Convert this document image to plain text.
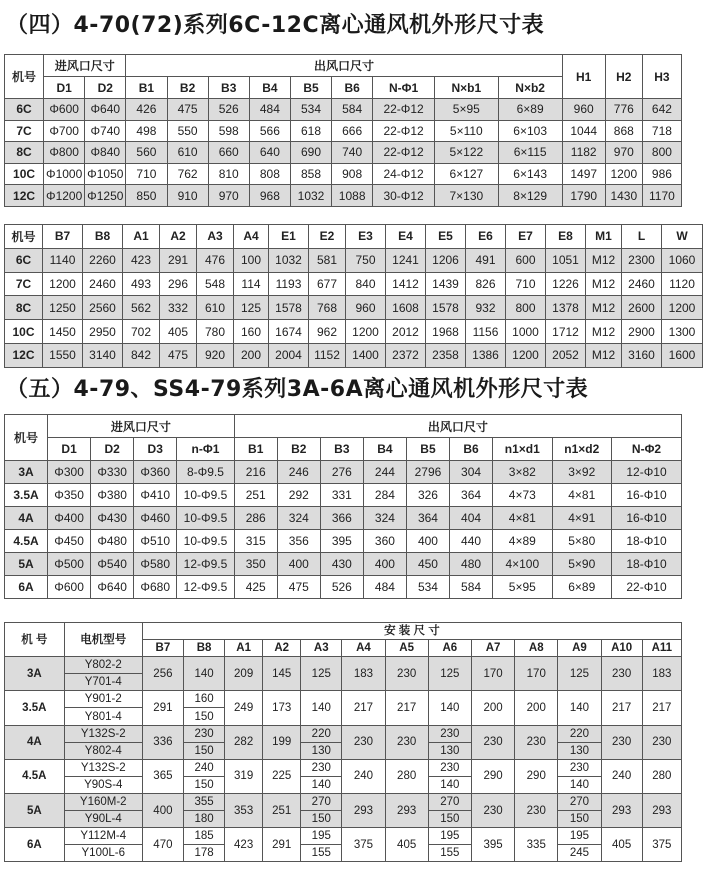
（四）4-70(72)系列6C-12C离心通风机外形尺寸表
机号	进风口尺寸		出风口尺寸									H1	H2	H3
	D1	D2	B1	B2	B3	B4	B5	B6	N-Φ1	N×b1	N×b2			
6C	Φ600	Φ640	426	475	526	484	534	584	22-Φ12	5×95	6×89	960	776	642
7C	Φ700	Φ740	498	550	598	566	618	666	22-Φ12	5×110	6×103	1044	868	718
8C	Φ800	Φ840	560	610	660	640	690	740	22-Φ12	5×122	6×115	1182	970	800
10C	Φ1000	Φ1050	710	762	810	808	858	908	24-Φ12	6×127	6×143	1497	1200	986
12C	Φ1200	Φ1250	850	910	970	968	1032	1088	30-Φ12	7×130	8×129	1790	1430	1170
机号	B7	B8	A1	A2	A3	A4	E1	E2	E3	E4	E5	E6	E7	E8	M1	L	W
6C	1140	2260	423	291	476	100	1032	581	750	1241	1206	491	600	1051	M12	2300	1060
7C	1200	2460	493	296	548	114	1193	677	840	1412	1439	826	710	1226	M12	2460	1120
8C	1250	2560	562	332	610	125	1578	768	960	1608	1578	932	800	1378	M12	2600	1200
10C	1450	2950	702	405	780	160	1674	962	1200	2012	1968	1156	1000	1712	M12	2900	1300
12C	1550	3140	842	475	920	200	2004	1152	1400	2372	2358	1386	1200	2052	M12	3160	1600
（五）4-79、SS4-79系列3A-6A离心通风机外形尺寸表
机号	进风口尺寸				出风口尺寸								
	D1	D2	D3	n-Φ1	B1	B2	B3	B4	B5	B6	n1×d1	n1×d2	N-Φ2
3A	Φ300	Φ330	Φ360	8-Φ9.5	216	246	276	244	2796	304	3×82	3×92	12-Φ10
3.5A	Φ350	Φ380	Φ410	10-Φ9.5	251	292	331	284	326	364	4×73	4×81	16-Φ10
4A	Φ400	Φ430	Φ460	10-Φ9.5	286	324	366	324	364	404	4×81	4×91	16-Φ10
4.5A	Φ450	Φ480	Φ510	10-Φ9.5	315	356	395	360	400	440	4×89	5×80	18-Φ10
5A	Φ500	Φ540	Φ580	12-Φ9.5	350	400	430	400	450	480	4×100	5×90	18-Φ10
6A	Φ600	Φ640	Φ680	12-Φ9.5	425	475	526	484	534	584	5×95	6×89	22-Φ10
机 号	电机型号	安 装 尺 寸												
		B7	B8	A1	A2	A3	A4	A5	A6	A7	A8	A9	A10	A11
3A	Y802-2	256	140	209	145	125	183	230	125	170	170	125	230	183
	Y701-4													
3.5A	Y901-2	291	160	249	173	140	217	217	140	200	200	140	217	217
	Y801-4		150											
4A	Y132S-2	336	230	282	199	220	230	230	230	230	230	220	230	230
	Y802-4		150			130			130			130		
4.5A	Y132S-2	365	240	319	225	230	240	280	230	290	290	230	240	280
	Y90S-4		150			140			140			140		
5A	Y160M-2	400	355	353	251	270	293	293	270	230	230	270	293	293
	Y90L-4		180			150			150			150		
6A	Y112M-4	470	185	423	291	195	375	405	195	395	335	195	405	375
	Y100L-6		178			155			155			245		
